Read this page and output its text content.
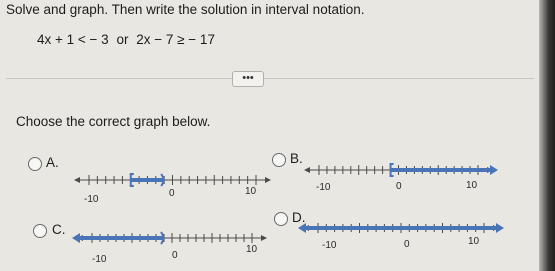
Solve and graph. Then write the solution in interval notation.
4x + 1 < − 3 or 2x − 7 ≥ − 17
•••
Choose the correct graph below.
A.
-10
0	10
B.
-10	0	10
C.
-10	0
10
D.
-10	0	10
